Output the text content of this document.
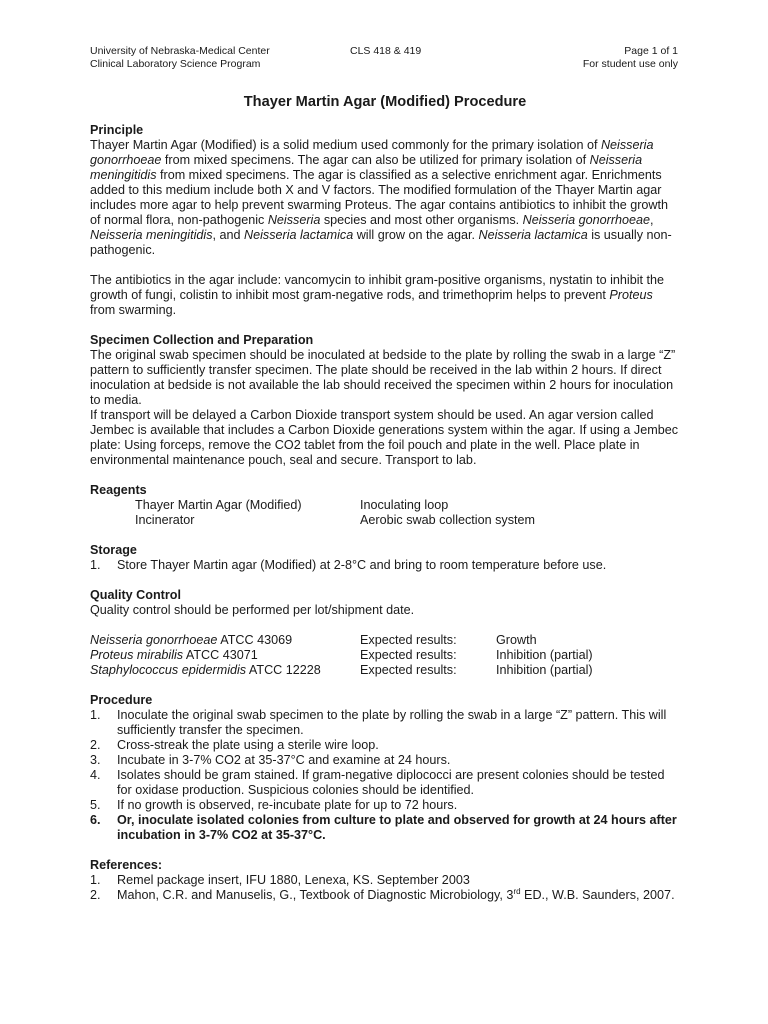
University of Nebraska-Medical Center
Clinical Laboratory Science Program
CLS 418 & 419	Page 1 of 1
For student use only
Thayer Martin Agar (Modified) Procedure
Principle

Thayer Martin Agar (Modified) is a solid medium used commonly for the primary isolation of Neisseria gonorrhoeae from mixed specimens. The agar can also be utilized for primary isolation of Neisseria meningitidis from mixed specimens. The agar is classified as a selective enrichment agar. Enrichments added to this medium include both X and V factors. The modified formulation of the Thayer Martin agar includes more agar to help prevent swarming Proteus. The agar contains antibiotics to inhibit the growth of normal flora, non-pathogenic Neisseria species and most other organisms. Neisseria gonorrhoeae, Neisseria meningitidis, and Neisseria lactamica will grow on the agar. Neisseria lactamica is usually non-pathogenic.

The antibiotics in the agar include: vancomycin to inhibit gram-positive organisms, nystatin to inhibit the growth of fungi, colistin to inhibit most gram-negative rods, and trimethoprim helps to prevent Proteus from swarming.

Specimen Collection and Preparation

The original swab specimen should be inoculated at bedside to the plate by rolling the swab in a large “Z” pattern to sufficiently transfer specimen. The plate should be received in the lab within 2 hours. If direct inoculation at bedside is not available the lab should received the specimen within 2 hours for inoculation to media.

If transport will be delayed a Carbon Dioxide transport system should be used. An agar version called Jembec is available that includes a Carbon Dioxide generations system within the agar. If using a Jembec plate: Using forceps, remove the CO2 tablet from the foil pouch and plate in the well. Place plate in environmental maintenance pouch, seal and secure. Transport to lab.

Reagents
Thayer Martin Agar (Modified)	Inoculating loop
Incinerator	Aerobic swab collection system
Storage
1. Store Thayer Martin agar (Modified) at 2-8°C and bring to room temperature before use.
Quality Control

Quality control should be performed per lot/shipment date.

Neisseria gonorrhoeae ATCC 43069	Expected results:	Growth
Proteus mirabilis ATCC 43071	Expected results:	Inhibition (partial)
Staphylococcus epidermidis ATCC 12228	Expected results:	Inhibition (partial)
Procedure
1. Inoculate the original swab specimen to the plate by rolling the swab in a large “Z” pattern. This will sufficiently transfer the specimen.
2. Cross-streak the plate using a sterile wire loop.
3. Incubate in 3-7% CO2 at 35-37°C and examine at 24 hours.
4. Isolates should be gram stained. If gram-negative diplococci are present colonies should be tested for oxidase production. Suspicious colonies should be identified.
5. If no growth is observed, re-incubate plate for up to 72 hours.
6. Or, inoculate isolated colonies from culture to plate and observed for growth at 24 hours after incubation in 3-7% CO2 at 35-37°C.
References:
1. Remel package insert, IFU 1880, Lenexa, KS. September 2003
2. Mahon, C.R. and Manuselis, G., Textbook of Diagnostic Microbiology, 3rd ED., W.B. Saunders, 2007.
